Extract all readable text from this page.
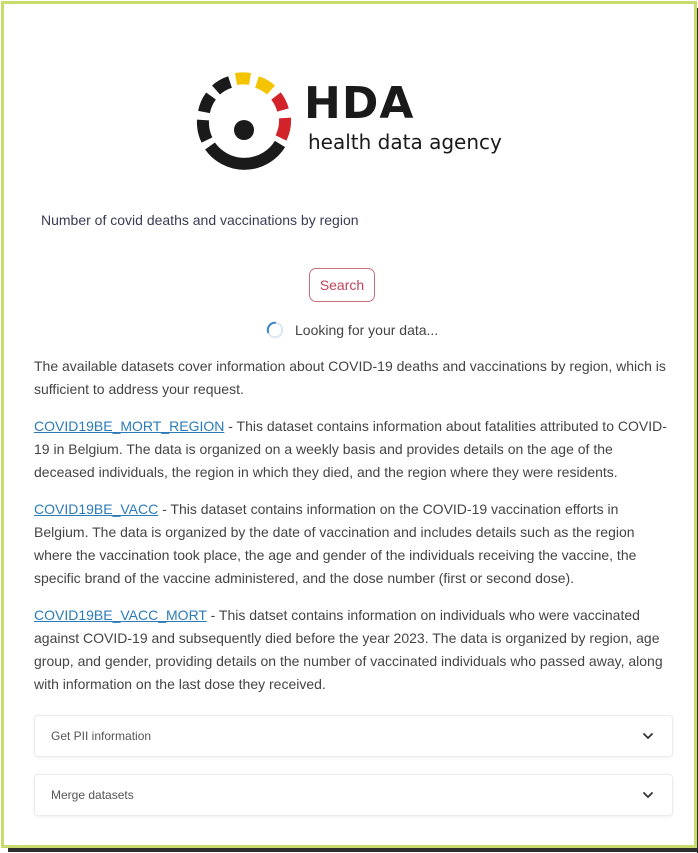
HDA
health data agency
Number of covid deaths and vaccinations by region
Search
Looking for your data...

The available datasets cover information about COVID-19 deaths and vaccinations by region, which is sufficient to address your request.

COVID19BE_MORT_REGION - This dataset contains information about fatalities attributed to COVID-19 in Belgium. The data is organized on a weekly basis and provides details on the age of the deceased individuals, the region in which they died, and the region where they were residents.

COVID19BE_VACC - This dataset contains information on the COVID-19 vaccination efforts in Belgium. The data is organized by the date of vaccination and includes details such as the region where the vaccination took place, the age and gender of the individuals receiving the vaccine, the specific brand of the vaccine administered, and the dose number (first or second dose).

COVID19BE_VACC_MORT - This datset contains information on individuals who were vaccinated against COVID-19 and subsequently died before the year 2023. The data is organized by region, age group, and gender, providing details on the number of vaccinated individuals who passed away, along with information on the last dose they received.

Get PII information
Merge datasets
